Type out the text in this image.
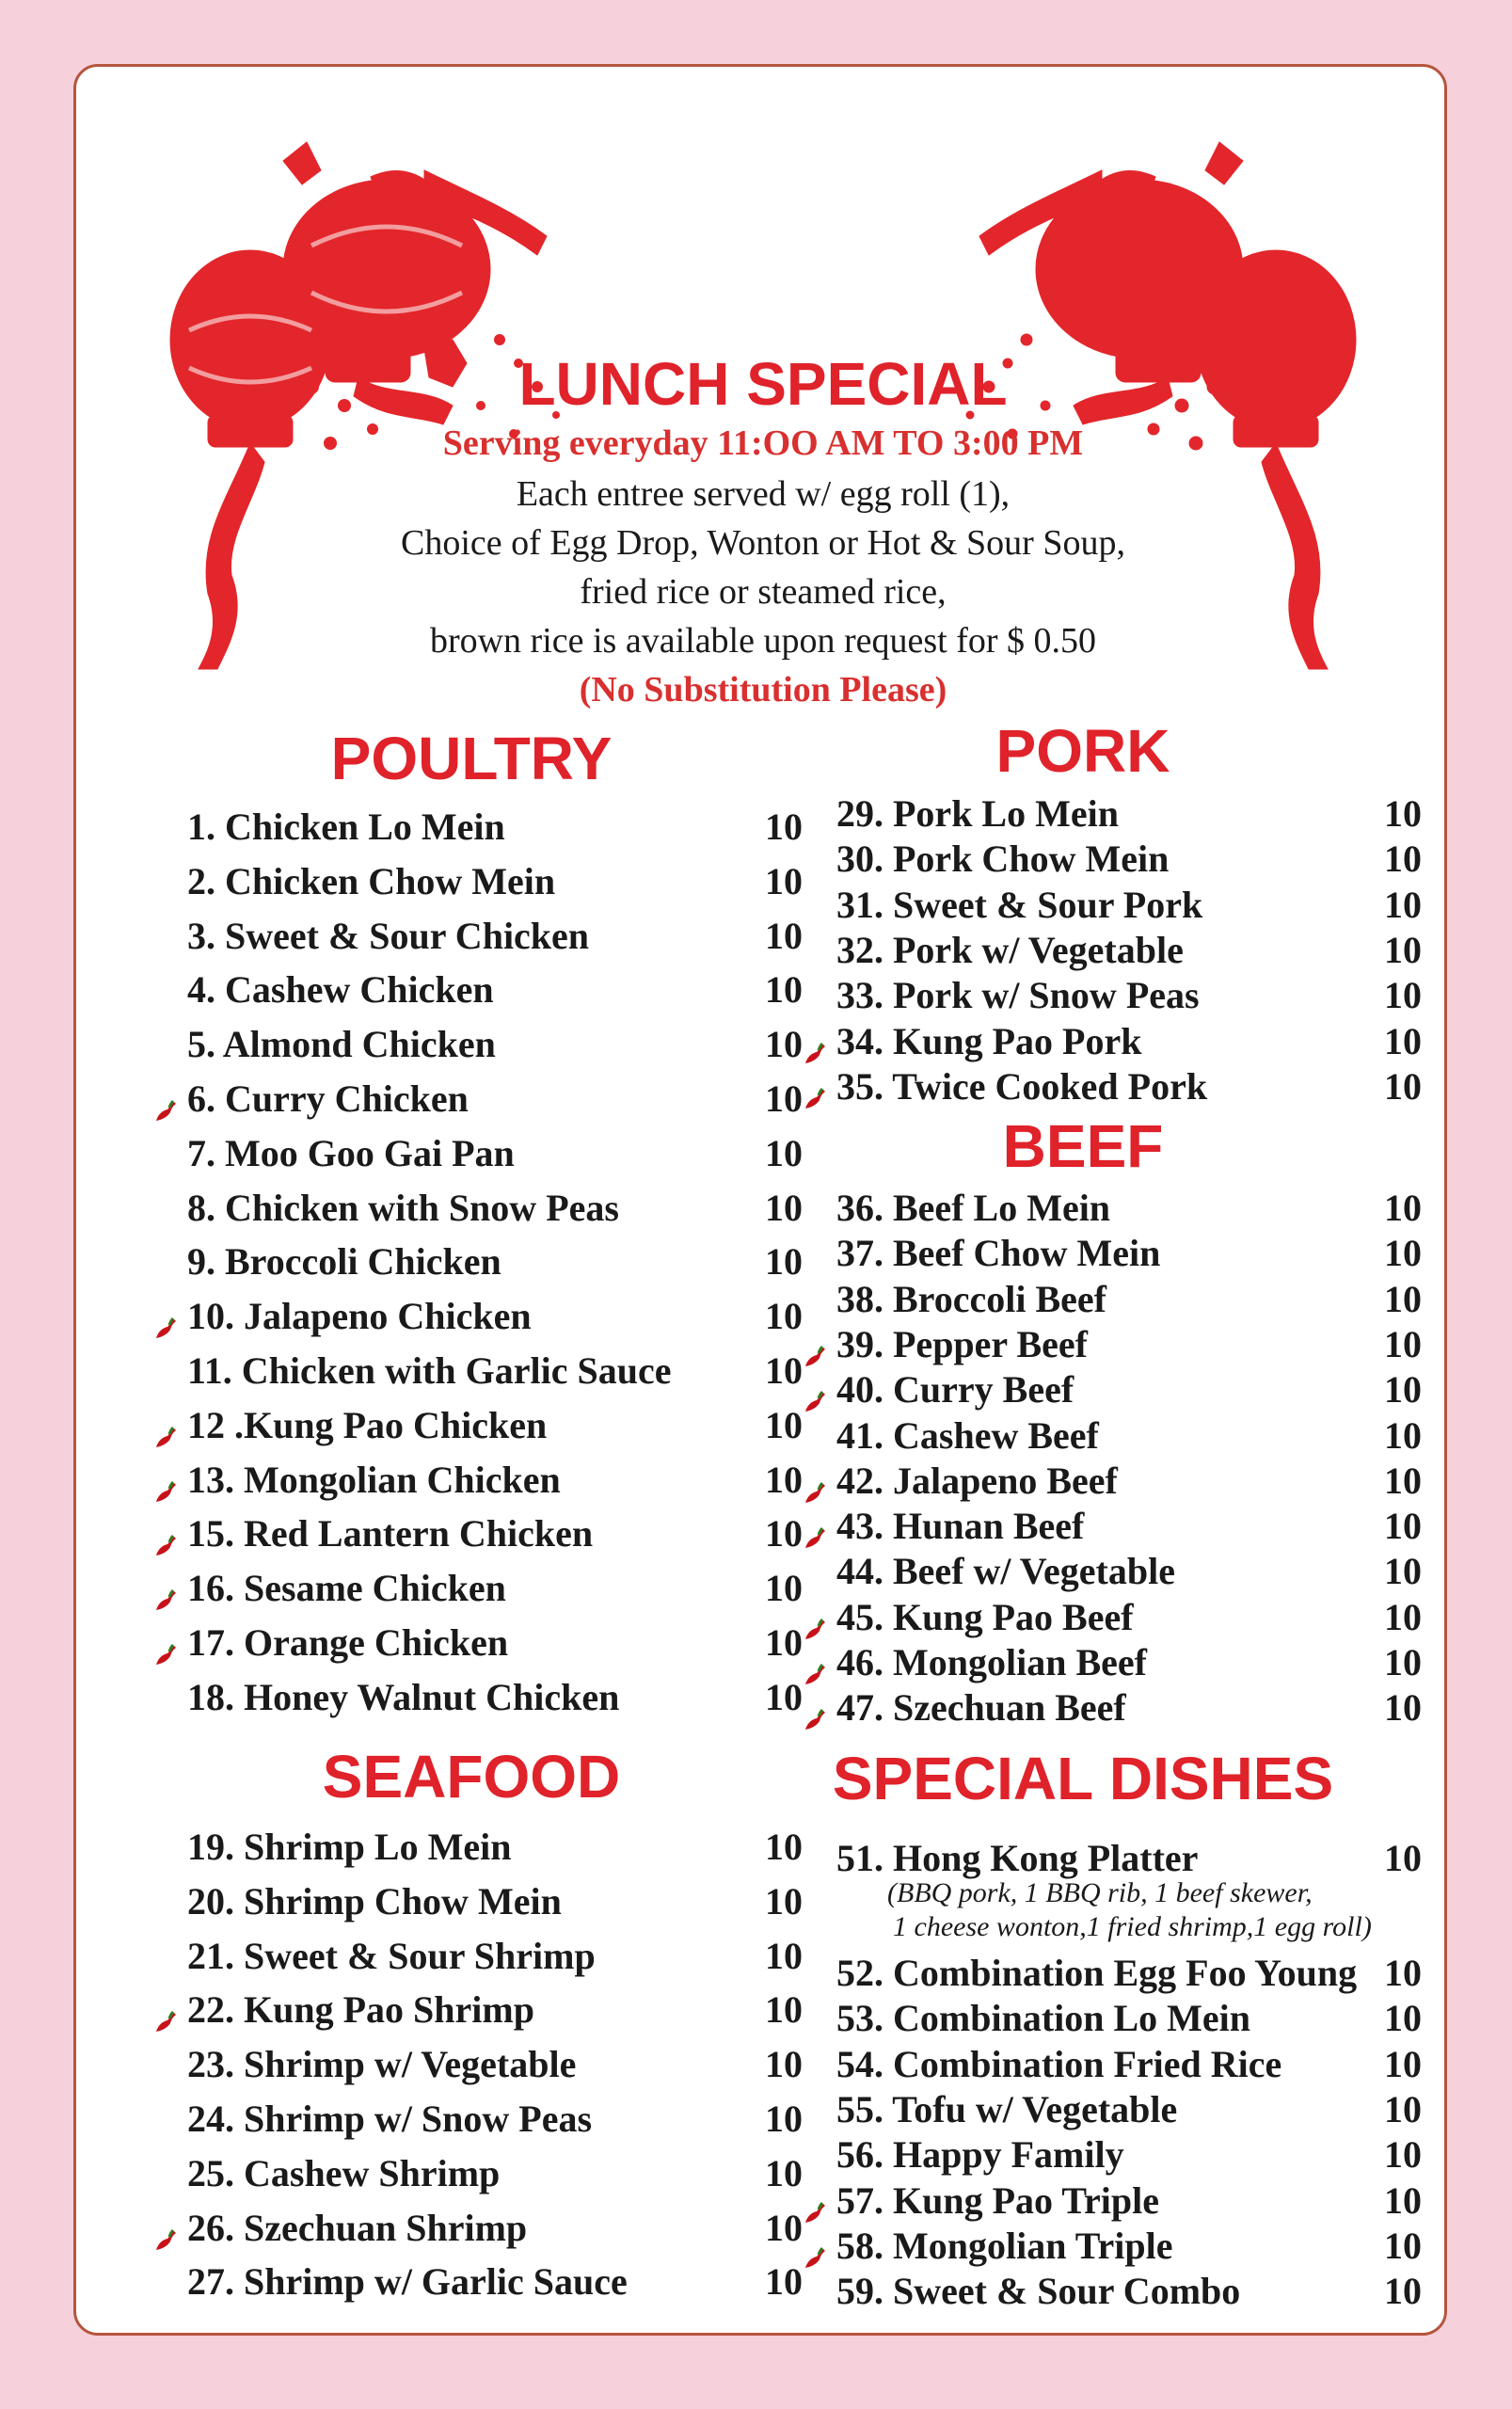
LUNCH SPECIAL
Serving everyday 11:OO AM TO 3:00 PM
Each entree served w/ egg roll (1),
Choice of Egg Drop, Wonton or Hot & Sour Soup,
fried rice or steamed rice,
brown rice is available upon request for $ 0.50
(No Substitution Please)
POULTRY
SEAFOOD
PORK
BEEF
SPECIAL DISHES
1. Chicken Lo Mein	10
2. Chicken Chow Mein	10
3. Sweet & Sour Chicken	10
4. Cashew Chicken	10
5. Almond Chicken	10
6. Curry Chicken	10
7. Moo Goo Gai Pan	10
8. Chicken with Snow Peas	10
9. Broccoli Chicken	10
10. Jalapeno Chicken	10
11. Chicken with Garlic Sauce 10
12 .Kung Pao Chicken	10
13. Mongolian Chicken	10
15. Red Lantern Chicken	10
16. Sesame Chicken	10
17. Orange Chicken	10
18. Honey Walnut Chicken	10
19. Shrimp Lo Mein	10
20. Shrimp Chow Mein	10
21. Sweet & Sour Shrimp	10
22. Kung Pao Shrimp	10
23. Shrimp w/ Vegetable	10
24. Shrimp w/ Snow Peas	10
25. Cashew Shrimp	10
26. Szechuan Shrimp	10
27. Shrimp w/ Garlic Sauce	10
29. Pork Lo Mein	10
30. Pork Chow Mein	10
31. Sweet & Sour Pork	10
32. Pork w/ Vegetable	10
33. Pork w/ Snow Peas	10
34. Kung Pao Pork	10
35. Twice Cooked Pork	10
36. Beef Lo Mein	10
37. Beef Chow Mein	10
38. Broccoli Beef	10
39. Pepper Beef	10
40. Curry Beef	10
41. Cashew Beef	10
42. Jalapeno Beef	10
43. Hunan Beef	10
44. Beef w/ Vegetable	10
45. Kung Pao Beef	10
46. Mongolian Beef	10
47. Szechuan Beef	10
52. Combination Egg Foo Young 10
53. Combination Lo Mein	10
54. Combination Fried Rice	10
55. Tofu w/ Vegetable	10
56. Happy Family	10
57. Kung Pao Triple	10
58. Mongolian Triple	10
59. Sweet & Sour Combo	10
51. Hong Kong Platter	10
(BBQ pork, 1 BBQ rib, 1 beef skewer,
1 cheese wonton,1 fried shrimp,1 egg roll)
